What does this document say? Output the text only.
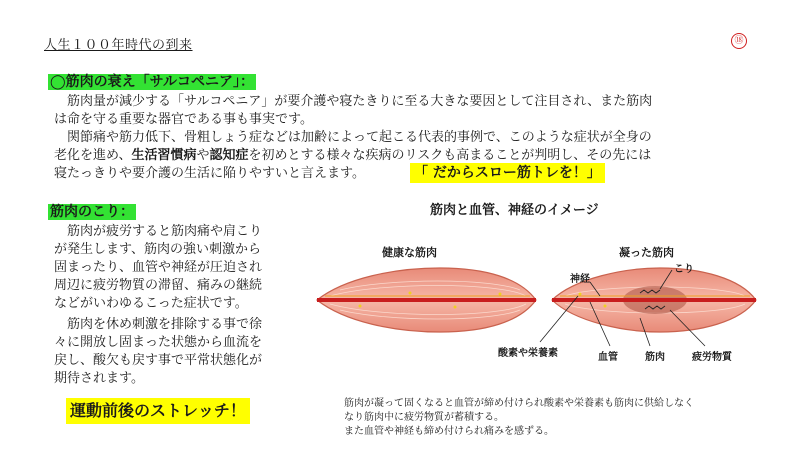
人生１００年時代の到来	⑱
◯筋肉の衰え「サルコペニア」：
　筋肉量が減少する「サルコペニア」が要介護や寝たきりに至る大きな要因として注目され、また筋肉
は命を守る重要な器官である事も事実です。
　関節痛や筋力低下、骨粗しょう症などは加齢によって起こる代表的事例で、このような症状が全身の
老化を進め、生活習慣病や認知症を初めとする様々な疾病のリスクも高まることが判明し、その先には
寝たっきりや要介護の生活に陥りやすいと言えます。	「 だからスロー筋トレを！」
筋肉のこり：
　筋肉が疲労すると筋肉痛や肩こり
が発生します、筋肉の強い刺激から
固まったり、血管や神経が圧迫され
周辺に疲労物質の滞留、痛みの継続
などがいわゆるこった症状です。
　筋肉を休め刺激を排除する事で徐
々に開放し固まった状態から血流を
戻し、酸欠も戻す事で平常状態化が
期待されます。
運動前後のストレッチ！
筋肉と血管、神経のイメージ
健康な筋肉	凝った筋肉
神経
こり
酸素や栄養素	血管	筋肉	疲労物質
筋肉が凝って固くなると血管が締め付けられ酸素や栄養素も筋肉に供給しなく
なり筋肉中に疲労物質が蓄積する。
また血管や神経も締め付けられ痛みを感ずる。
